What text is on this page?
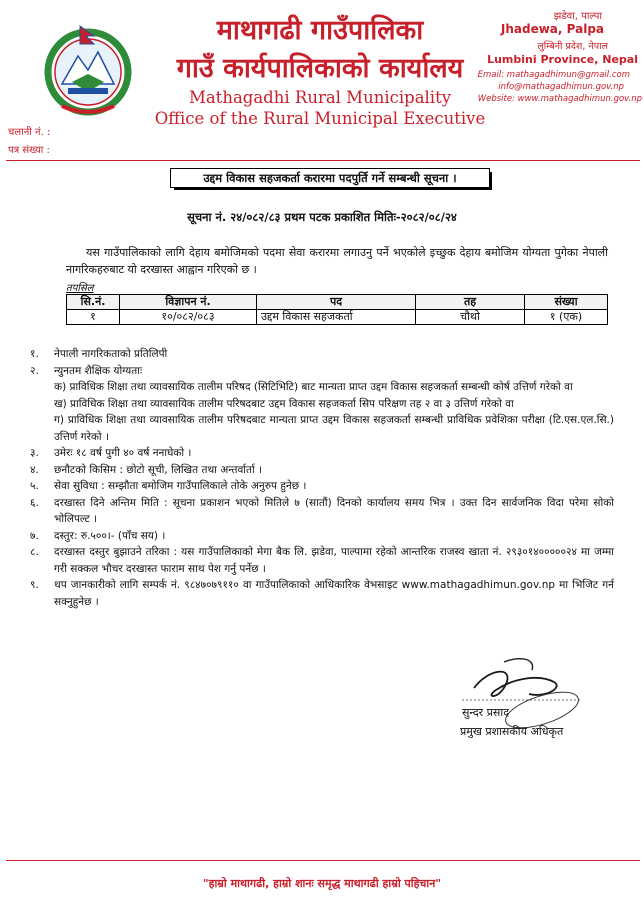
माथागढी गाउँपालिका
गाउँ कार्यपालिकाको कार्यालय
Mathagadhi Rural Municipality
Office of the Rural Municipal Executive
झडेवा, पाल्पा
Jhadewa, Palpa
लुम्बिनी प्रदेश, नेपाल
Lumbini Province, Nepal
Email: mathagadhimun@gmail.com
info@mathagadhimun.gov.np
Website: www.mathagadhimun.gov.np
चलानी नं. :
पत्र संख्या :
उद्दम विकास सहजकर्ता करारमा पदपुर्ति गर्ने सम्बन्धी सूचना ।
सूचना नं. २४/०८२/८३ प्रथम पटक प्रकाशित मितिः-२०८२/०८/२४
यस गाउँपालिकाको लागि देहाय बमोजिमको पदमा सेवा करारमा लगाउनु पर्ने भएकोले इच्छुक देहाय बमोजिम योग्यता पुगेका नेपाली नागरिकहरुबाट यो दरखास्त आह्वान गरिएको छ ।
तपसिल
सि.नं.	विज्ञापन नं.	पद	तह	संख्या
१	१०/०८२/०८३	उद्दम विकास सहजकर्ता	चौथो	१ (एक)
१.	नेपाली नागरिकताको प्रतिलिपी
२.	न्युनतम शैक्षिक योग्यताः
क) प्राविधिक शिक्षा तथा व्यावसायिक तालीम परिषद (सिटिभिटि) बाट मान्यता प्राप्त उद्दम विकास सहजकर्ता सम्बन्धी कोर्ष उत्तिर्ण गरेको वा
ख) प्राविधिक शिक्षा तथा व्यावसायिक तालीम परिषदबाट उद्दम विकास सहजकर्ता सिप परिक्षण तह २ वा ३ उत्तिर्ण गरेको वा
ग) प्राविधिक शिक्षा तथा व्यावसायिक तालीम परिषदबाट मान्यता प्राप्त उद्दम विकास सहजकर्ता सम्बन्धी प्राविधिक प्रवेशिका परीक्षा (टि.एस.एल.सि.) उत्तिर्ण गरेको ।
३.	उमेरः १८ वर्ष पुगी ४० वर्ष ननाघेको ।
४.	छनौटको किसिम : छोटो सूची, लिखित तथा अन्तर्वार्ता ।
५.	सेवा सुविधा : सम्झौता बमोजिम गाउँपालिकाले तोके अनुरुप हुनेछ ।
६.	दरखास्त दिने अन्तिम मिति : सूचना प्रकाशन भएको मितिले ७ (सातौं) दिनको कार्यालय समय भित्र । उक्त दिन सार्वजनिक विदा परेमा सोको भोलिपल्ट ।
७.	दस्तुर: रु.५००।- (पाँच सय) ।
८.	दरखास्त दस्तुर बुझाउने तरिका : यस गाउँपालिकाको मेगा बैक लि. झडेवा, पाल्पामा रहेको आन्तरिक राजस्व खाता नं. २९३०१४०००००२४ मा जम्मा गरी सक्कल भौचर दरखास्त फाराम साथ पेश गर्नु पर्नेछ ।
९.	थप जानकारीको लागि सम्पर्क नं. ९८४७०७९११० वा गाउँपालिकाको आधिकारिक वेभसाइट www.mathagadhimun.gov.np मा भिजिट गर्न सक्नुहुनेछ ।
सुन्दर प्रसाद
प्रमुख प्रशासकीय अधिकृत
"हाम्रो माथागढी, हाम्रो शानः समृद्ध माथागढी हाम्रो पहिचान"
